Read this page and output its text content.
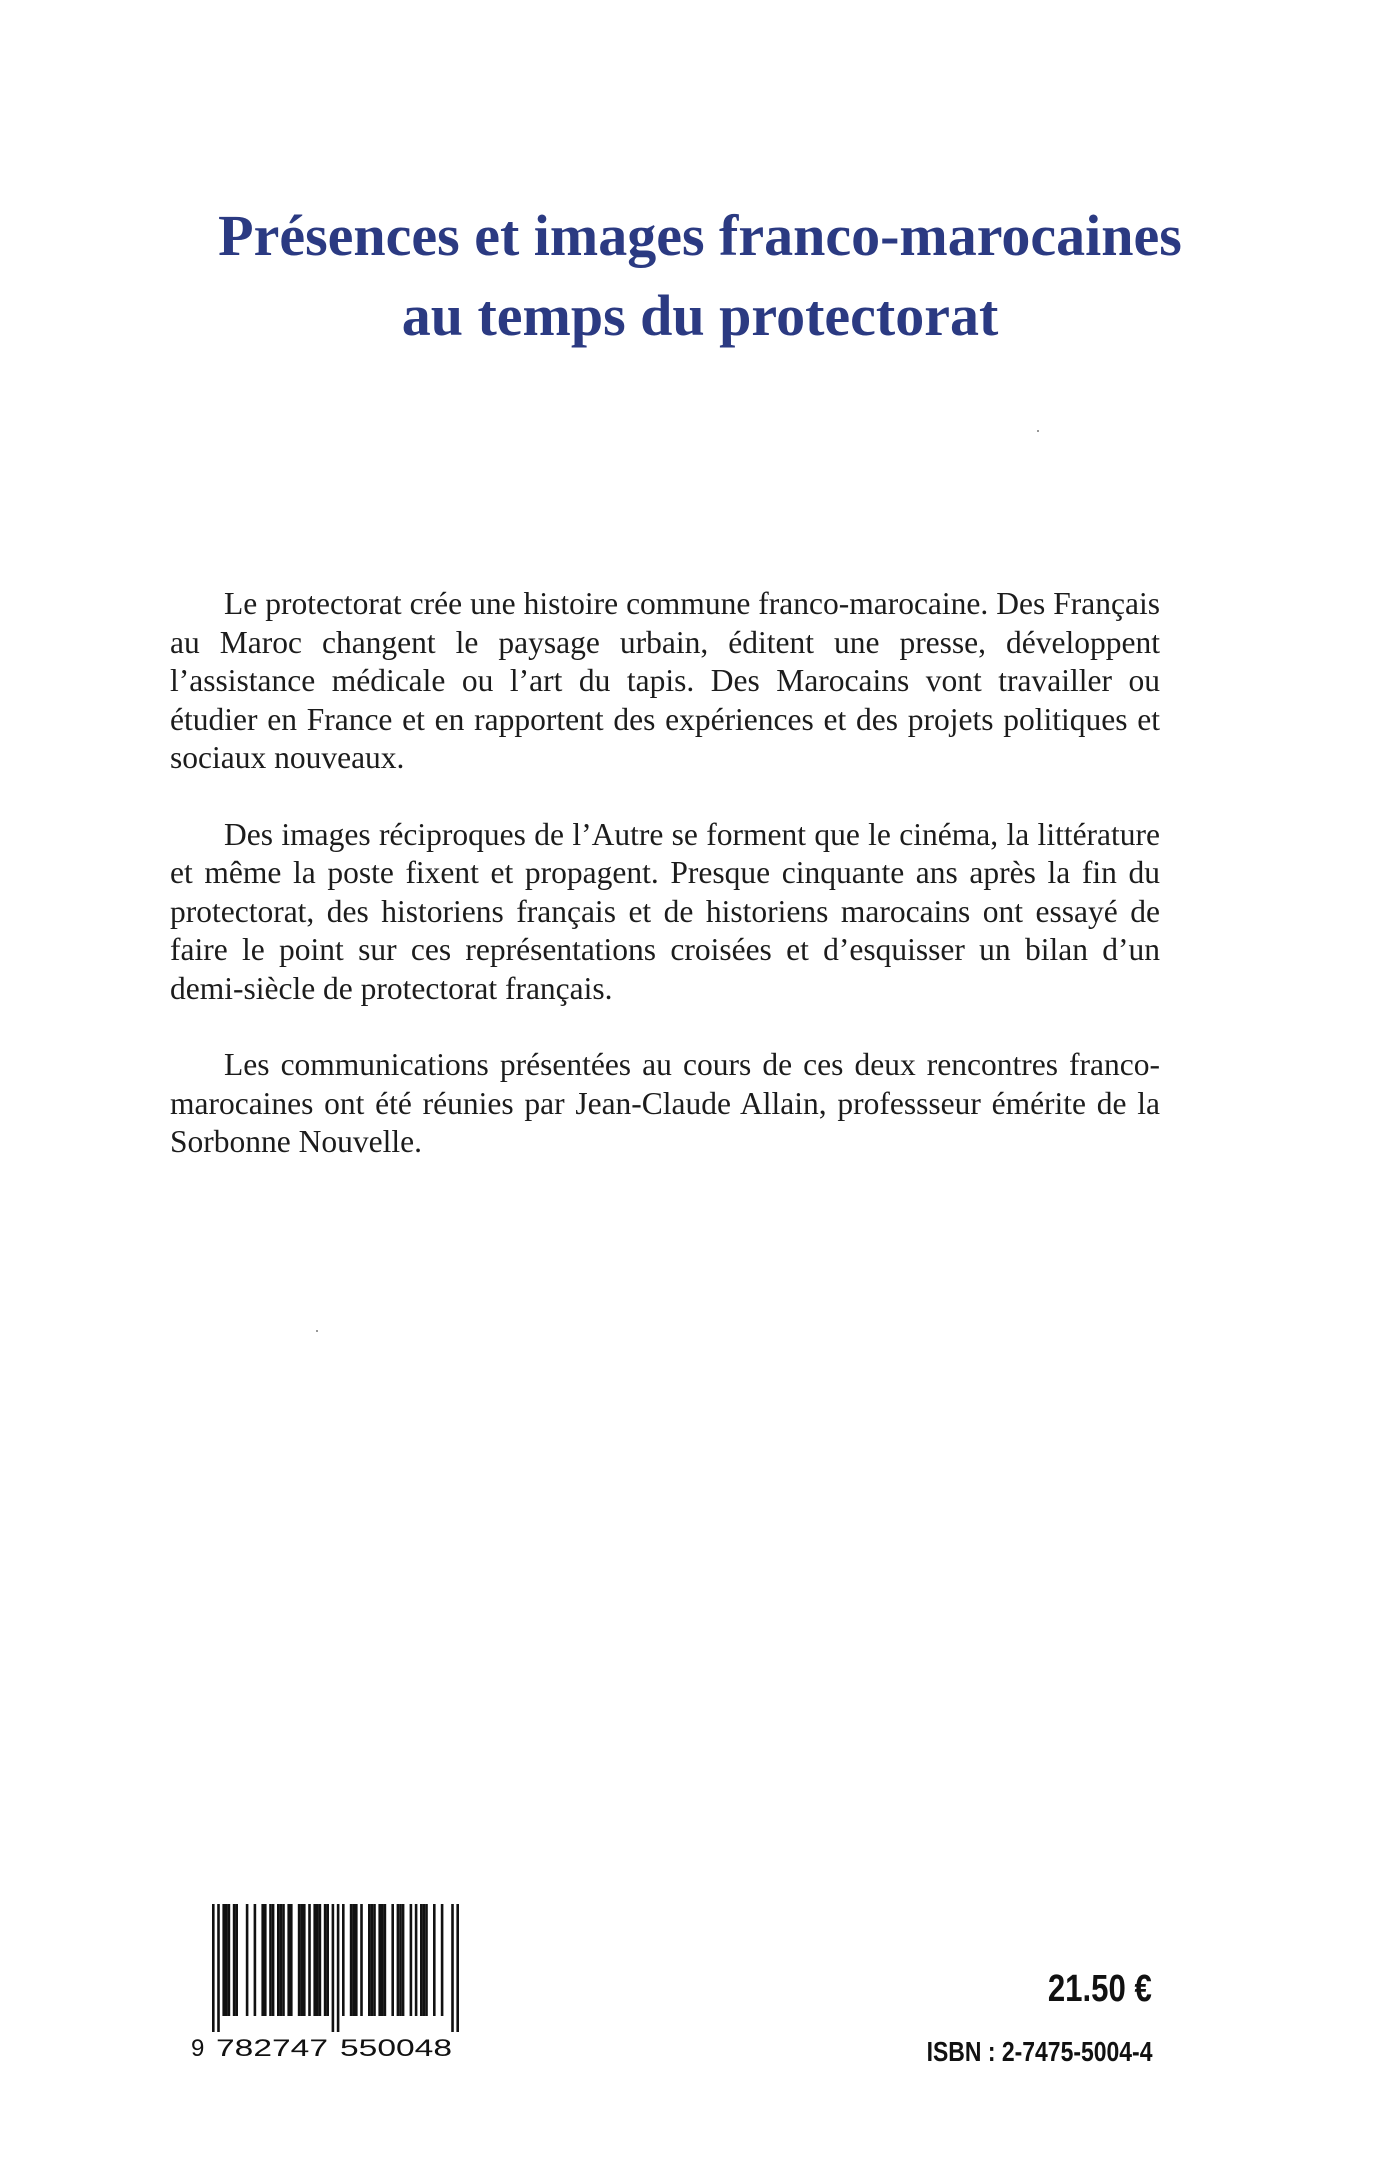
Présences et images franco-marocaines
au temps du protectorat

Le protectorat crée une histoire commune franco-marocaine. Des Français au Maroc changent le paysage urbain, éditent une presse, développent l’assistance médicale ou l’art du tapis. Des Marocains vont travailler ou étudier en France et en rapportent des expériences et des projets politiques et sociaux nouveaux.

Des images réciproques de l’Autre se forment que le cinéma, la littérature et même la poste fixent et propagent. Presque cinquante ans après la fin du protectorat, des historiens français et de historiens marocains ont essayé de faire le point sur ces représentations croisées et d’esquisser un bilan d’un demi-siècle de protectorat français.

Les communications présentées au cours de ces deux rencontres franco-marocaines ont été réunies par Jean-Claude Allain, professseur émérite de la Sorbonne Nouvelle.

9 782747 550048
21.50 €
ISBN : 2-7475-5004-4
